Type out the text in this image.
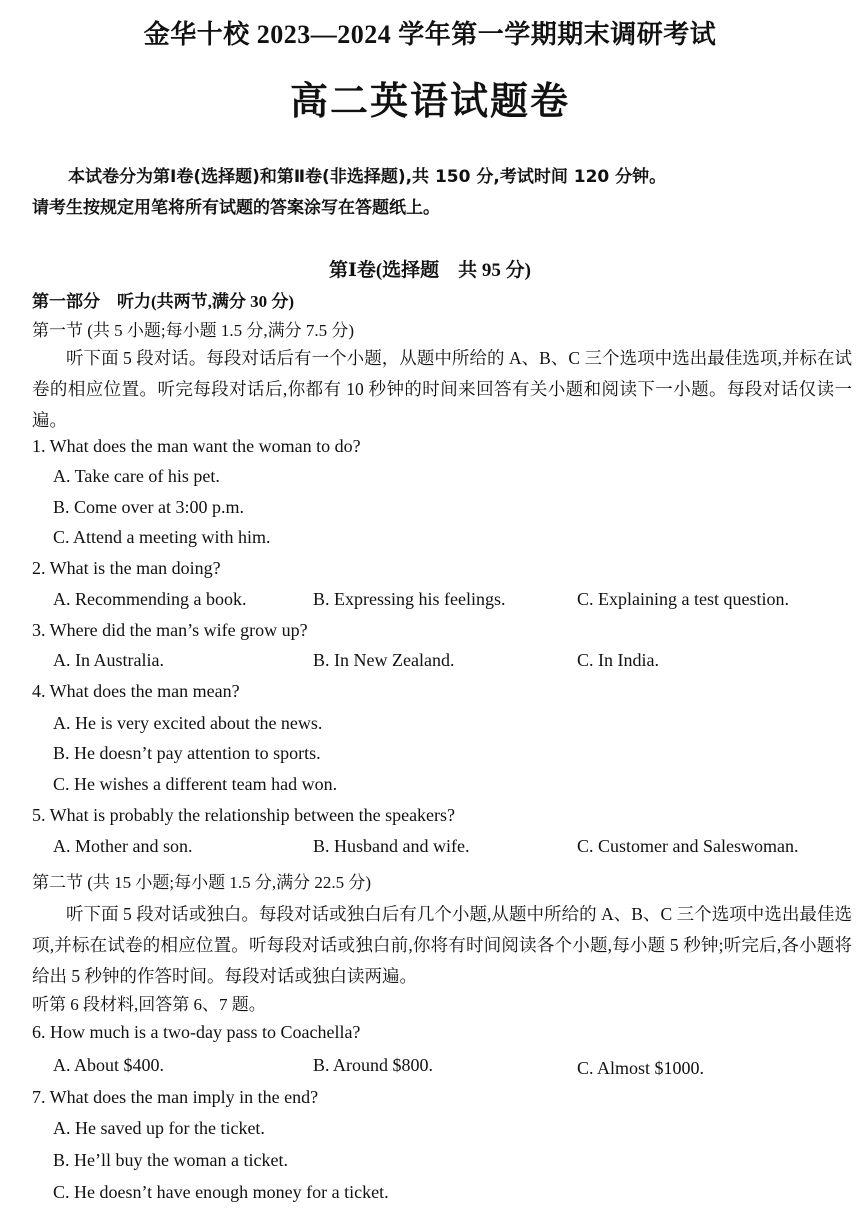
金华十校 2023—2024 学年第一学期期末调研考试
高二英语试题卷
本试卷分为第Ⅰ卷(选择题)和第Ⅱ卷(非选择题),共 150 分,考试时间 120 分钟。
请考生按规定用笔将所有试题的答案涂写在答题纸上。
第Ⅰ卷(选择题　共 95 分)
第一部分　听力(共两节,满分 30 分)
第一节 (共 5 小题;每小题 1.5 分,满分 7.5 分)
听下面 5 段对话。每段对话后有一个小题，从题中所给的 A、B、C 三个选项中选出最佳选项,并标在试卷的相应位置。听完每段对话后,你都有 10 秒钟的时间来回答有关小题和阅读下一小题。每段对话仅读一遍。
1. What does the man want the woman to do?
A. Take care of his pet.
B. Come over at 3:00 p.m.
C. Attend a meeting with him.
2. What is the man doing?
A. Recommending a book.	B. Expressing his feelings.	C. Explaining a test question.
3. Where did the man’s wife grow up?
A. In Australia.	B. In New Zealand.	C. In India.
4. What does the man mean?
A. He is very excited about the news.
B. He doesn’t pay attention to sports.
C. He wishes a different team had won.
5. What is probably the relationship between the speakers?
A. Mother and son.	B. Husband and wife.	C. Customer and Saleswoman.
第二节 (共 15 小题;每小题 1.5 分,满分 22.5 分)
听下面 5 段对话或独白。每段对话或独白后有几个小题,从题中所给的 A、B、C 三个选项中选出最佳选项,并标在试卷的相应位置。听每段对话或独白前,你将有时间阅读各个小题,每小题 5 秒钟;听完后,各小题将给出 5 秒钟的作答时间。每段对话或独白读两遍。
听第 6 段材料,回答第 6、7 题。
6. How much is a two-day pass to Coachella?
A. About $400.	B. Around $800.	C. Almost $1000.
7. What does the man imply in the end?
A. He saved up for the ticket.
B. He’ll buy the woman a ticket.
C. He doesn’t have enough money for a ticket.
